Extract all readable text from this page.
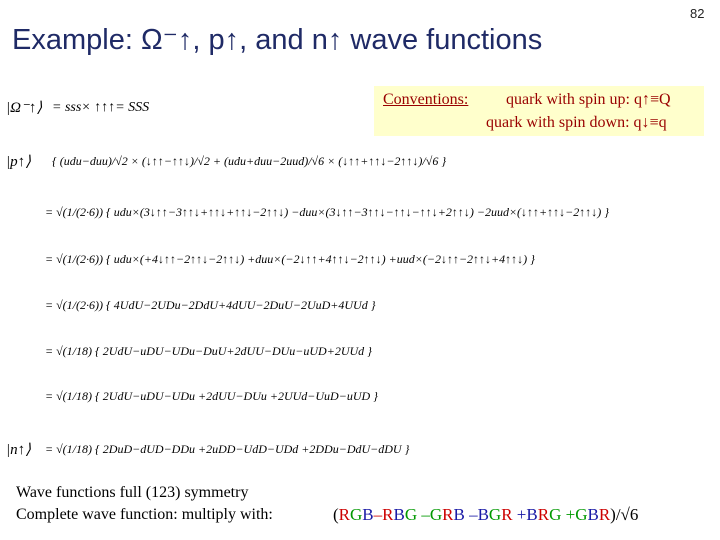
Example: Ω⁻↑, p↑, and n↑ wave functions
82
Conventions: quark with spin up: q↑≡Q
quark with spin down: q↓≡q
|Ω⁻↑⟩ = sss× ↑↑↑= SSS
|p↑⟩ { (udu−duu)/√2 × (↓↑↑−↑↑↓)/√2 + (udu+duu−2uud)/√6 × (↓↑↑+↑↑↓−2↑↑↓)/√6 }
= √(1/(2·6)) { udu×(3↓↑↑−3↑↑↓+↑↑↓+↑↑↓−2↑↑↓) −duu×(3↓↑↑−3↑↑↓−↑↑↓−↑↑↓+2↑↑↓) −2uud×(↓↑↑+↑↑↓−2↑↑↓) }
= √(1/(2·6)) { udu×(+4↓↑↑−2↑↑↓−2↑↑↓) +duu×(−2↓↑↑+4↑↑↓−2↑↑↓) +uud×(−2↓↑↑−2↑↑↓+4↑↑↓) }
= √(1/(2·6)) { 4UdU−2UDu−2DdU+4dUU−2DuU−2UuD+4UUd }
= √(1/18) { 2UdU−uDU−UDu−DuU+2dUU−DUu−uUD+2UUd }
= √(1/18) { 2UdU−uDU−UDu +2dUU−DUu +2UUd−UuD−uUD }
|n↑⟩ = √(1/18) { 2DuD−dUD−DDu +2uDD−UdD−UDd +2DDu−DdU−dDU }
Wave functions full (123) symmetry
Complete wave function: multiply with:	(RGB–RBG –GRB –BGR +BRG +GBR)/√6
